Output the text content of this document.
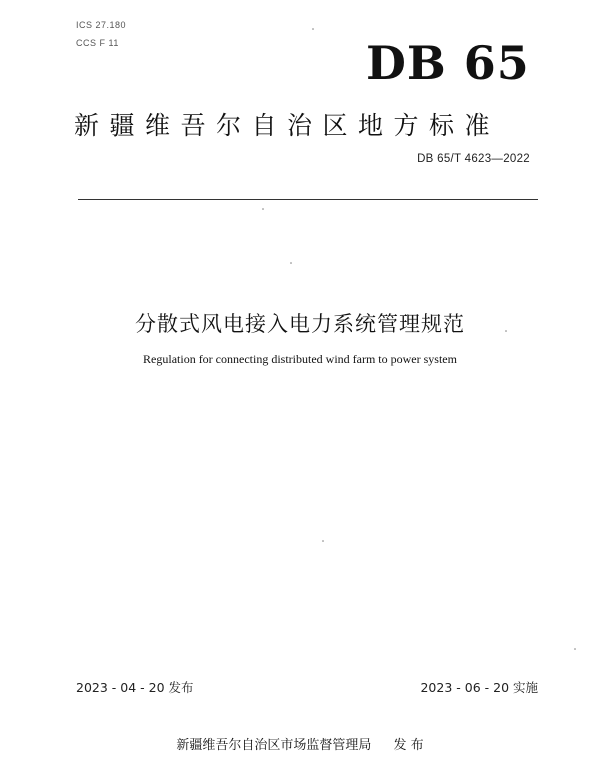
ICS 27.180
CCS F 11	DB 65
新疆维吾尔自治区地方标准
DB 65/T 4623—2022
分散式风电接入电力系统管理规范
Regulation for connecting distributed wind farm to power system
2023 - 04 - 20 发布	2023 - 06 - 20 实施
新疆维吾尔自治区市场监督管理局 发 布
